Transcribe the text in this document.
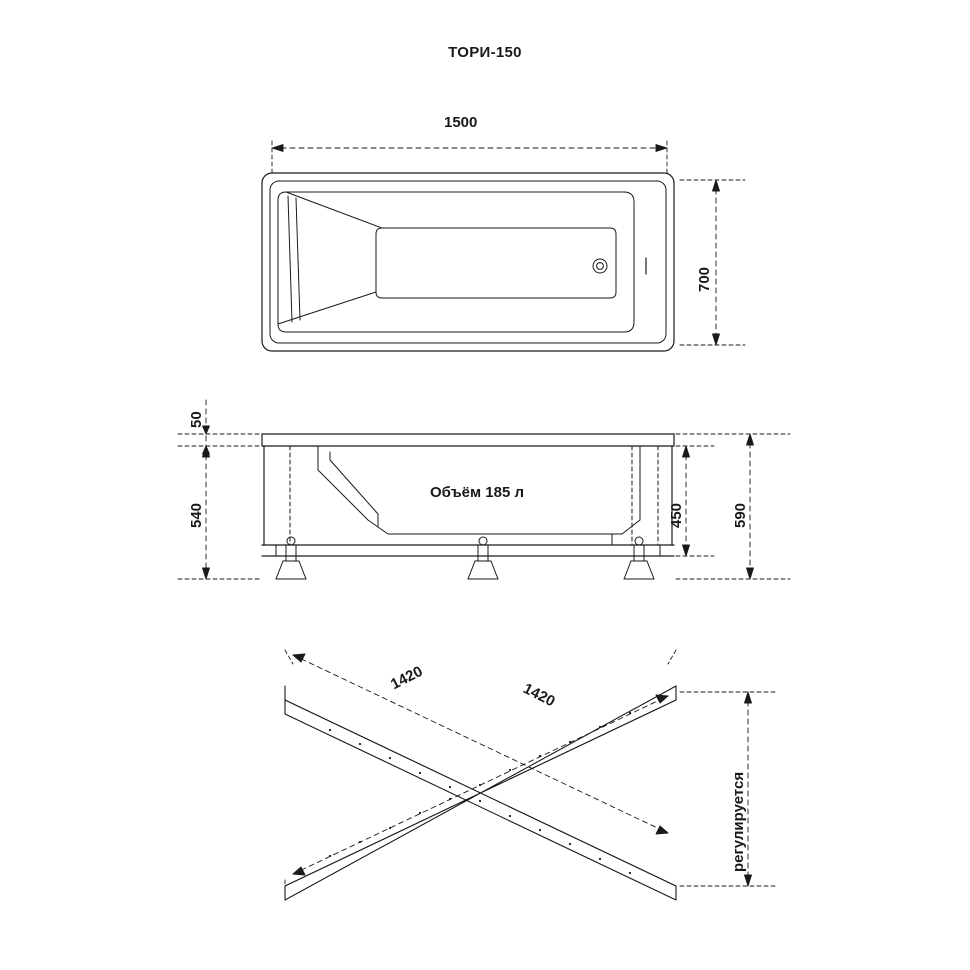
ТОРИ-150
1500
700
50
540	450	590
Объём 185 л
1420
1420
регулируется
